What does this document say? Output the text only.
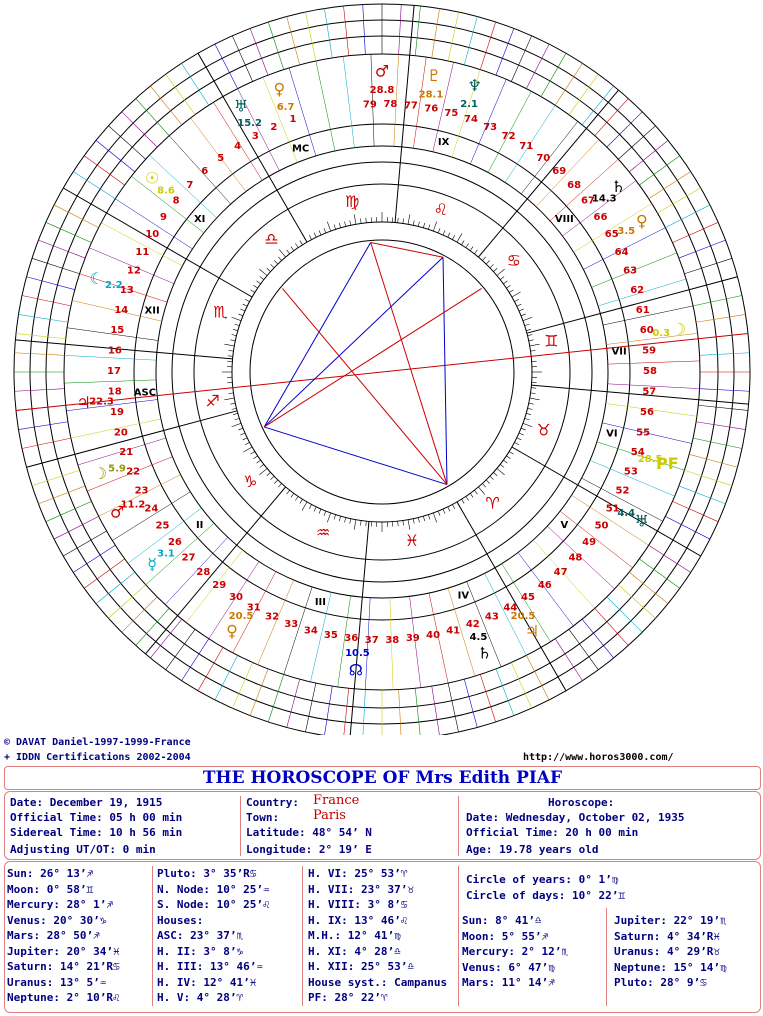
XI
XII
ASC
II
III
IV
V
VI
VII
VIII
IX
MC
♍	♌
♋
♊
♉
♈
♓
♒
♑
♐
♏
♎
1
2
3
4
5
6
7
8
9
10
11
12
13
14
15
16
17
18
19
20
21
22
23
24
25
26
27
28
29
30
31
32
33
34 35 36 37 38 39 40 41
42
43
44
45
46
47
48
49
50
51
52
53
54
55
56
57
58
59
60
61
62
63
64
65
66
67
68
69
70
71
72
73
74
75
76
77
78
79
♇
28.1
♅
15.2
♀
6.7
☉
8.6
☾ 2.2
♃
22.3
☽ 5.9
♂
11.2
☿
3.1
♀
20.5
☊
10.5	♄
4.5 ♃
20.5
♅
4.4
PF
28.5
☽
0.3
♀
3.5
♄
14.3
♆
2.1
♂
28.8
© DAVAT Daniel-1997-1999-France
+ IDDN Certifications 2002-2004	http://www.horos3000.com/
THE HOROSCOPE OF Mrs Edith PIAF
Date: December 19, 1915
Official Time: 05 h 00 min
Sidereal Time: 10 h 56 min
Adjusting UT/OT: 0 min
Country: France
Town:	Paris
Latitude: 48° 54’ N
Longitude: 2° 19’ E
Horoscope:
Date: Wednesday, October 02, 1935
Official Time: 20 h 00 min
Age: 19.78 years old
Sun: 26° 13’♐
Moon: 0° 58’♊
Mercury: 28° 1’♐
Venus: 20° 30’♑
Mars: 28° 50’♐
Jupiter: 20° 34’♓
Saturn: 14° 21’R♋
Uranus: 13° 5’♒
Neptune: 2° 10’R♌
Pluto: 3° 35’R♋
N. Node: 10° 25’♒
S. Node: 10° 25’♌
Houses:
ASC: 23° 37’♏
H. II: 3° 8’♑
H. III: 13° 46’♒
H. IV: 12° 41’♓
H. V: 4° 28’♈
H. VI: 25° 53’♈
H. VII: 23° 37’♉
H. VIII: 3° 8’♋
H. IX: 13° 46’♌
M.H.: 12° 41’♍
H. XI: 4° 28’♎
H. XII: 25° 53’♎
House syst.: Campanus
PF: 28° 22’♈
Circle of years: 0° 1’♍
Circle of days: 10° 22’♊
Sun: 8° 41’♎
Moon: 5° 55’♐
Mercury: 2° 12’♏
Venus: 6° 47’♍
Mars: 11° 14’♐
Jupiter: 22° 19’♏
Saturn: 4° 34’R♓
Uranus: 4° 29’R♉
Neptune: 15° 14’♍
Pluto: 28° 9’♋
